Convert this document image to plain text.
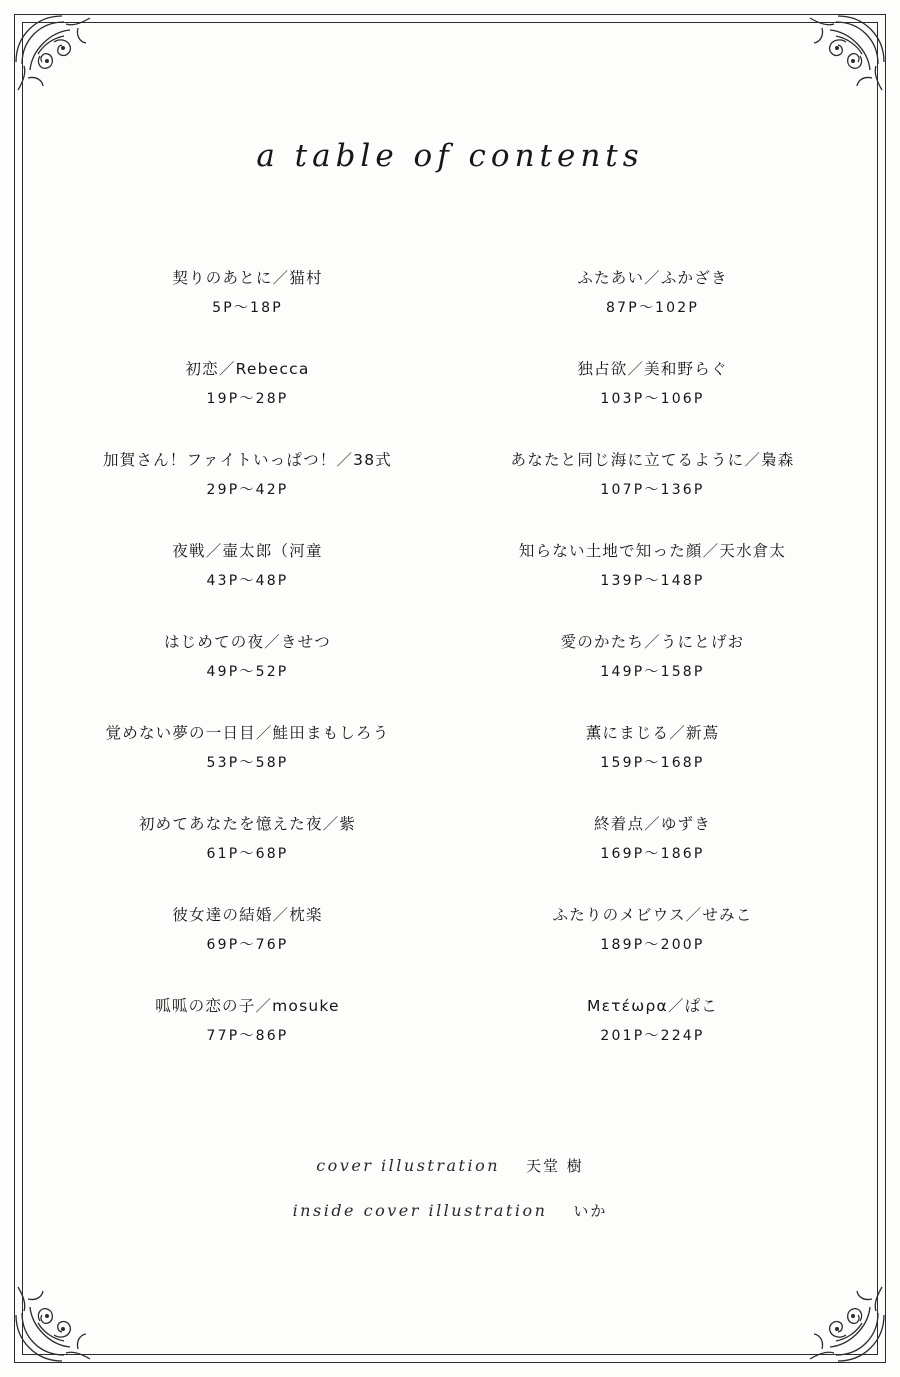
a table of contents
契りのあとに／猫村
5P〜18P
ふたあい／ふかざき
87P〜102P
初恋／Rebecca
19P〜28P
独占欲／美和野らぐ
103P〜106P
加賀さん！ファイトいっぱつ！／38式
29P〜42P
あなたと同じ海に立てるように／梟森
107P〜136P
夜戦／壷太郎（河童
43P〜48P
知らない土地で知った顔／天水倉太
139P〜148P
はじめての夜／きせつ
49P〜52P
愛のかたち／うにとげお
149P〜158P
覚めない夢の一日目／鮭田まもしろう
53P〜58P
薫にまじる／新蔦
159P〜168P
初めてあなたを憶えた夜／紫
61P〜68P
終着点／ゆずき
169P〜186P
彼女達の結婚／枕楽
69P〜76P
ふたりのメビウス／せみこ
189P〜200P
呱呱の恋の子／mosuke
77P〜86P
Μετέωρα／ぱこ
201P〜224P
cover illustration 天堂 樹
inside cover illustration いか
